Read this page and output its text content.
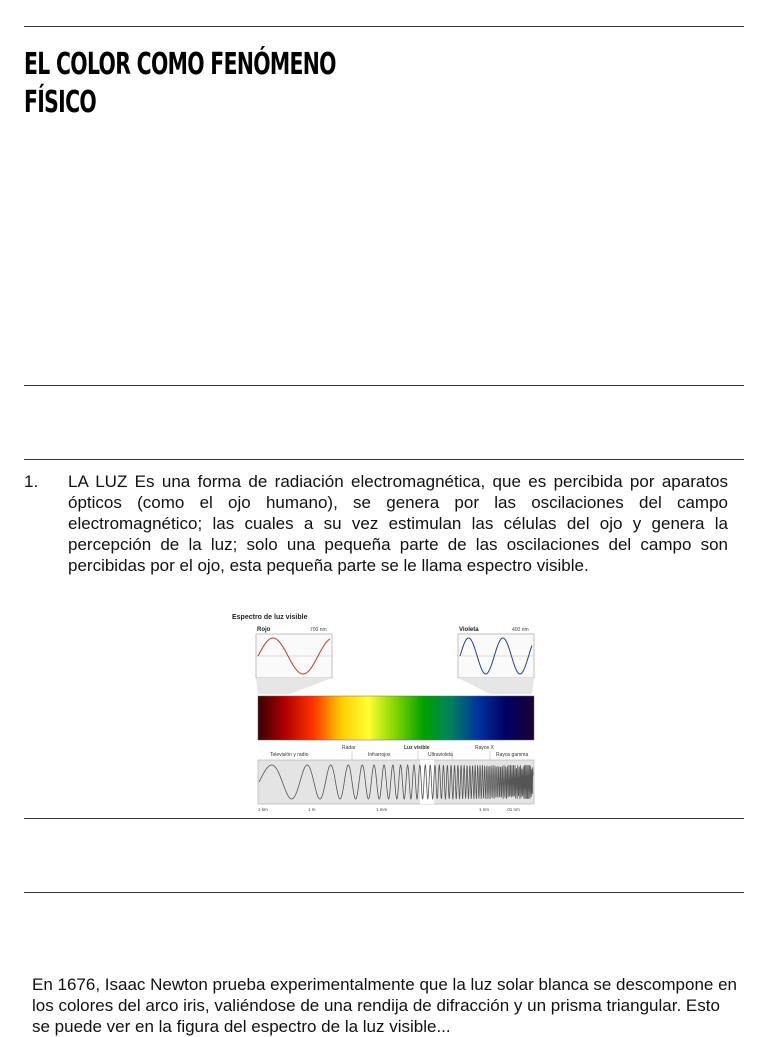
EL COLOR COMO FENÓMENO
FÍSICO
1. LA LUZ Es una forma de radiación electromagnética, que es percibida por aparatos ópticos (como el ojo humano), se genera por las oscilaciones del campo electromagnético; las cuales a su vez estimulan las células del ojo y genera la percepción de la luz; solo una pequeña parte de las oscilaciones del campo son percibidas por el ojo, esta pequeña parte se le llama espectro visible.
Espectro de luz visible
Rojo	700 nm	Violeta	400 nm
Radar	Luz visible	Rayos X
Televisión y radio	Infrarrojos	Ultravioleta	Rayos gamma
1 km	1 m	1 mm	1 nm	.01 nm
En 1676, Isaac Newton prueba experimentalmente que la luz solar blanca se descompone en los colores del arco iris, valiéndose de una rendija de difracción y un prisma triangular. Esto se puede ver en la figura del espectro de la luz visible...
